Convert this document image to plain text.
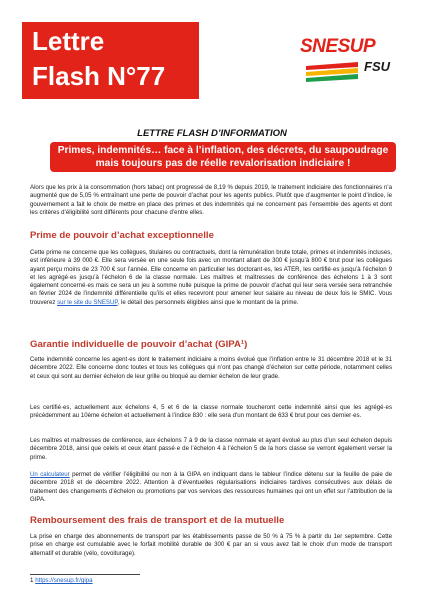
Lettre
Flash N°77
SNESUP
FSU
LETTRE FLASH D’INFORMATION
Primes, indemnités… face à l’inflation, des décrets, du saupoudrage
mais toujours pas de réelle revalorisation indiciaire !
Alors que les prix à la consommation (hors tabac) ont progressé de 8,19 % depuis 2019, le traitement indiciaire des fonctionnaires n’a augmenté que de 5,05 % entraînant une perte de pouvoir d’achat pour les agents publics. Plutôt que d’augmenter le point d’indice, le gouvernement a fait le choix de mettre en place des primes et des indemnités qui ne concernent pas l’ensemble des agents et dont les critères d’éligibilité sont différents pour chacune d’entre elles.
Prime de pouvoir d’achat exceptionnelle
Cette prime ne concerne que les collègues, titulaires ou contractuels, dont la rémunération brute totale, primes et indemnités incluses, est inférieure à 39 000 €. Elle sera versée en une seule fois avec un montant allant de 300 € jusqu’à 800 € brut pour les collègues ayant perçu moins de 23 700 € sur l’année. Elle concerne en particulier les doctorant·es, les ATER, les certifié·es jusqu’à l’échelon 9 et les agrégé·es jusqu’à l’échelon 6 de la classe normale. Les maîtres et maîtresses de conférence des échelons 1 à 3 sont également concerné·es mais ce sera un jeu à somme nulle puisque la prime de pouvoir d’achat qui leur sera versée sera retranchée en février 2024 de l’indemnité différentielle qu’ils et elles recevront pour amener leur salaire au niveau de deux fois le SMIC. Vous trouverez sur le site du SNESUP, le détail des personnels éligibles ainsi que le montant de la prime.
Garantie individuelle de pouvoir d’achat (GIPA¹)
Cette indemnité concerne les agent·es dont le traitement indiciaire a moins évolué que l’inflation entre le 31 décembre 2018 et le 31 décembre 2022. Elle concerne donc toutes et tous les collègues qui n’ont pas changé d’échelon sur cette période, notamment celles et ceux qui sont au dernier échelon de leur grille ou bloqué au dernier échelon de leur grade.
Les certifié·es, actuellement aux échelons 4, 5 et 6 de la classe normale toucheront cette indemnité ainsi que les agrégé·es précédemment au 10ème échelon et actuellement à l’indice 830 : elle sera d’un montant de 633 € brut pour ces dernier·es.
Les maîtres et maîtresses de conférence, aux échelons 7 à 9 de la classe normale et ayant évolué au plus d’un seul échelon depuis décembre 2018, ainsi que celels et ceux étant passé·e de l’échelon 4 à l’échelon 5 de la hors classe se verront également verser la prime.
Un calculateur permet de vérifier l’éligibilité ou non à la GIPA en indiquant dans le tableur l’indice détenu sur la feuille de paie de décembre 2018 et de décembre 2022. Attention à d’éventuelles régularisations indiciaires tardives consécutives aux délais de traitement des changements d’échelon ou promotions par vos services des ressources humaines qui ont un effet sur l’attribution de la GIPA.
Remboursement des frais de transport et de la mutuelle
La prise en charge des abonnements de transport par les établissements passe de 50 % à 75 % à partir du 1er septembre. Cette prise en charge est cumulable avec le forfait mobilité durable de 300 € par an si vous avez fait le choix d’un mode de transport alternatif et durable (vélo, covoiturage).
1 https://snesup.fr/gipa
